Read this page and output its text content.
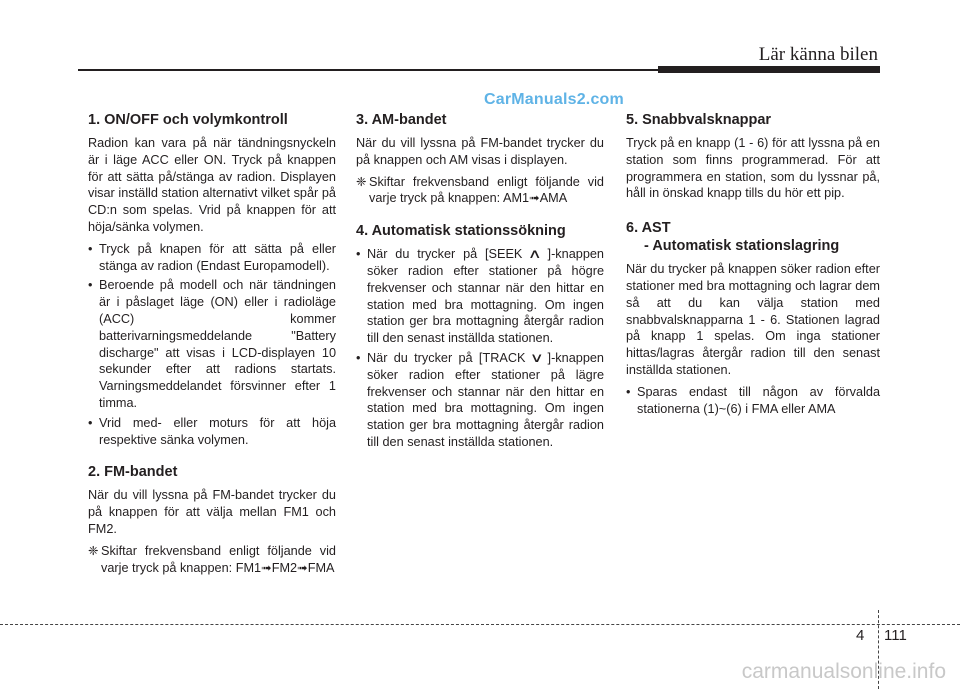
Lär känna bilen
CarManuals2.com
1. ON/OFF och volymkontroll

Radion kan vara på när tändningsnyckeln är i läge ACC eller ON. Tryck på knappen för att sätta på/stänga av radion. Displayen visar inställd station alternativt vilket spår på CD:n som spelas. Vrid på knappen för att höja/sänka volymen.

• Tryck på knapen för att sätta på eller stänga av radion (Endast Europamodell).
• Beroende på modell och när tändningen är i påslaget läge (ON) eller i radioläge (ACC) kommer batterivarningsmeddelande "Battery discharge" att visas i LCD-displayen 10 sekunder efter att radions startats. Varningsmeddelandet försvinner efter 1 timma.
• Vrid med- eller moturs för att höja respektive sänka volymen.
2. FM-bandet

När du vill lyssna på FM-bandet trycker du på knappen för att välja mellan FM1 och FM2.

❈ Skiftar frekvensband enligt följande vid varje tryck på knappen: FM1➟FM2➟FMA
3. AM-bandet

När du vill lyssna på FM-bandet trycker du på knappen och AM visas i displayen.

❈ Skiftar frekvensband enligt följande vid varje tryck på knappen: AM1➟AMA
4. Automatisk stationssökning
• När du trycker på [SEEK ∧ ]-knappen söker radion efter stationer på högre frekvenser och stannar när den hittar en station med bra mottagning. Om ingen station ger bra mottagning återgår radion till den senast inställda stationen.
• När du trycker på [TRACK ∨ ]-knappen söker radion efter stationer på lägre frekvenser och stannar när den hittar en station med bra mottagning. Om ingen station ger bra mottagning återgår radion till den senast inställda stationen.
5. Snabbvalsknappar

Tryck på en knapp (1 - 6) för att lyssna på en station som finns programmerad. För att programmera en station, som du lyssnar på, håll in önskad knapp tills du hör ett pip.

6. AST
- Automatisk stationslagring

När du trycker på knappen söker radion efter stationer med bra mottagning och lagrar dem så att du kan välja station med snabbvalsknapparna 1 - 6. Stationen lagrad på knapp 1 spelas. Om inga stationer hittas/lagras återgår radion till den senast inställda stationen.

• Sparas endast till någon av förvalda stationerna (1)~(6) i FMA eller AMA
4 111
carmanualsonline.info
